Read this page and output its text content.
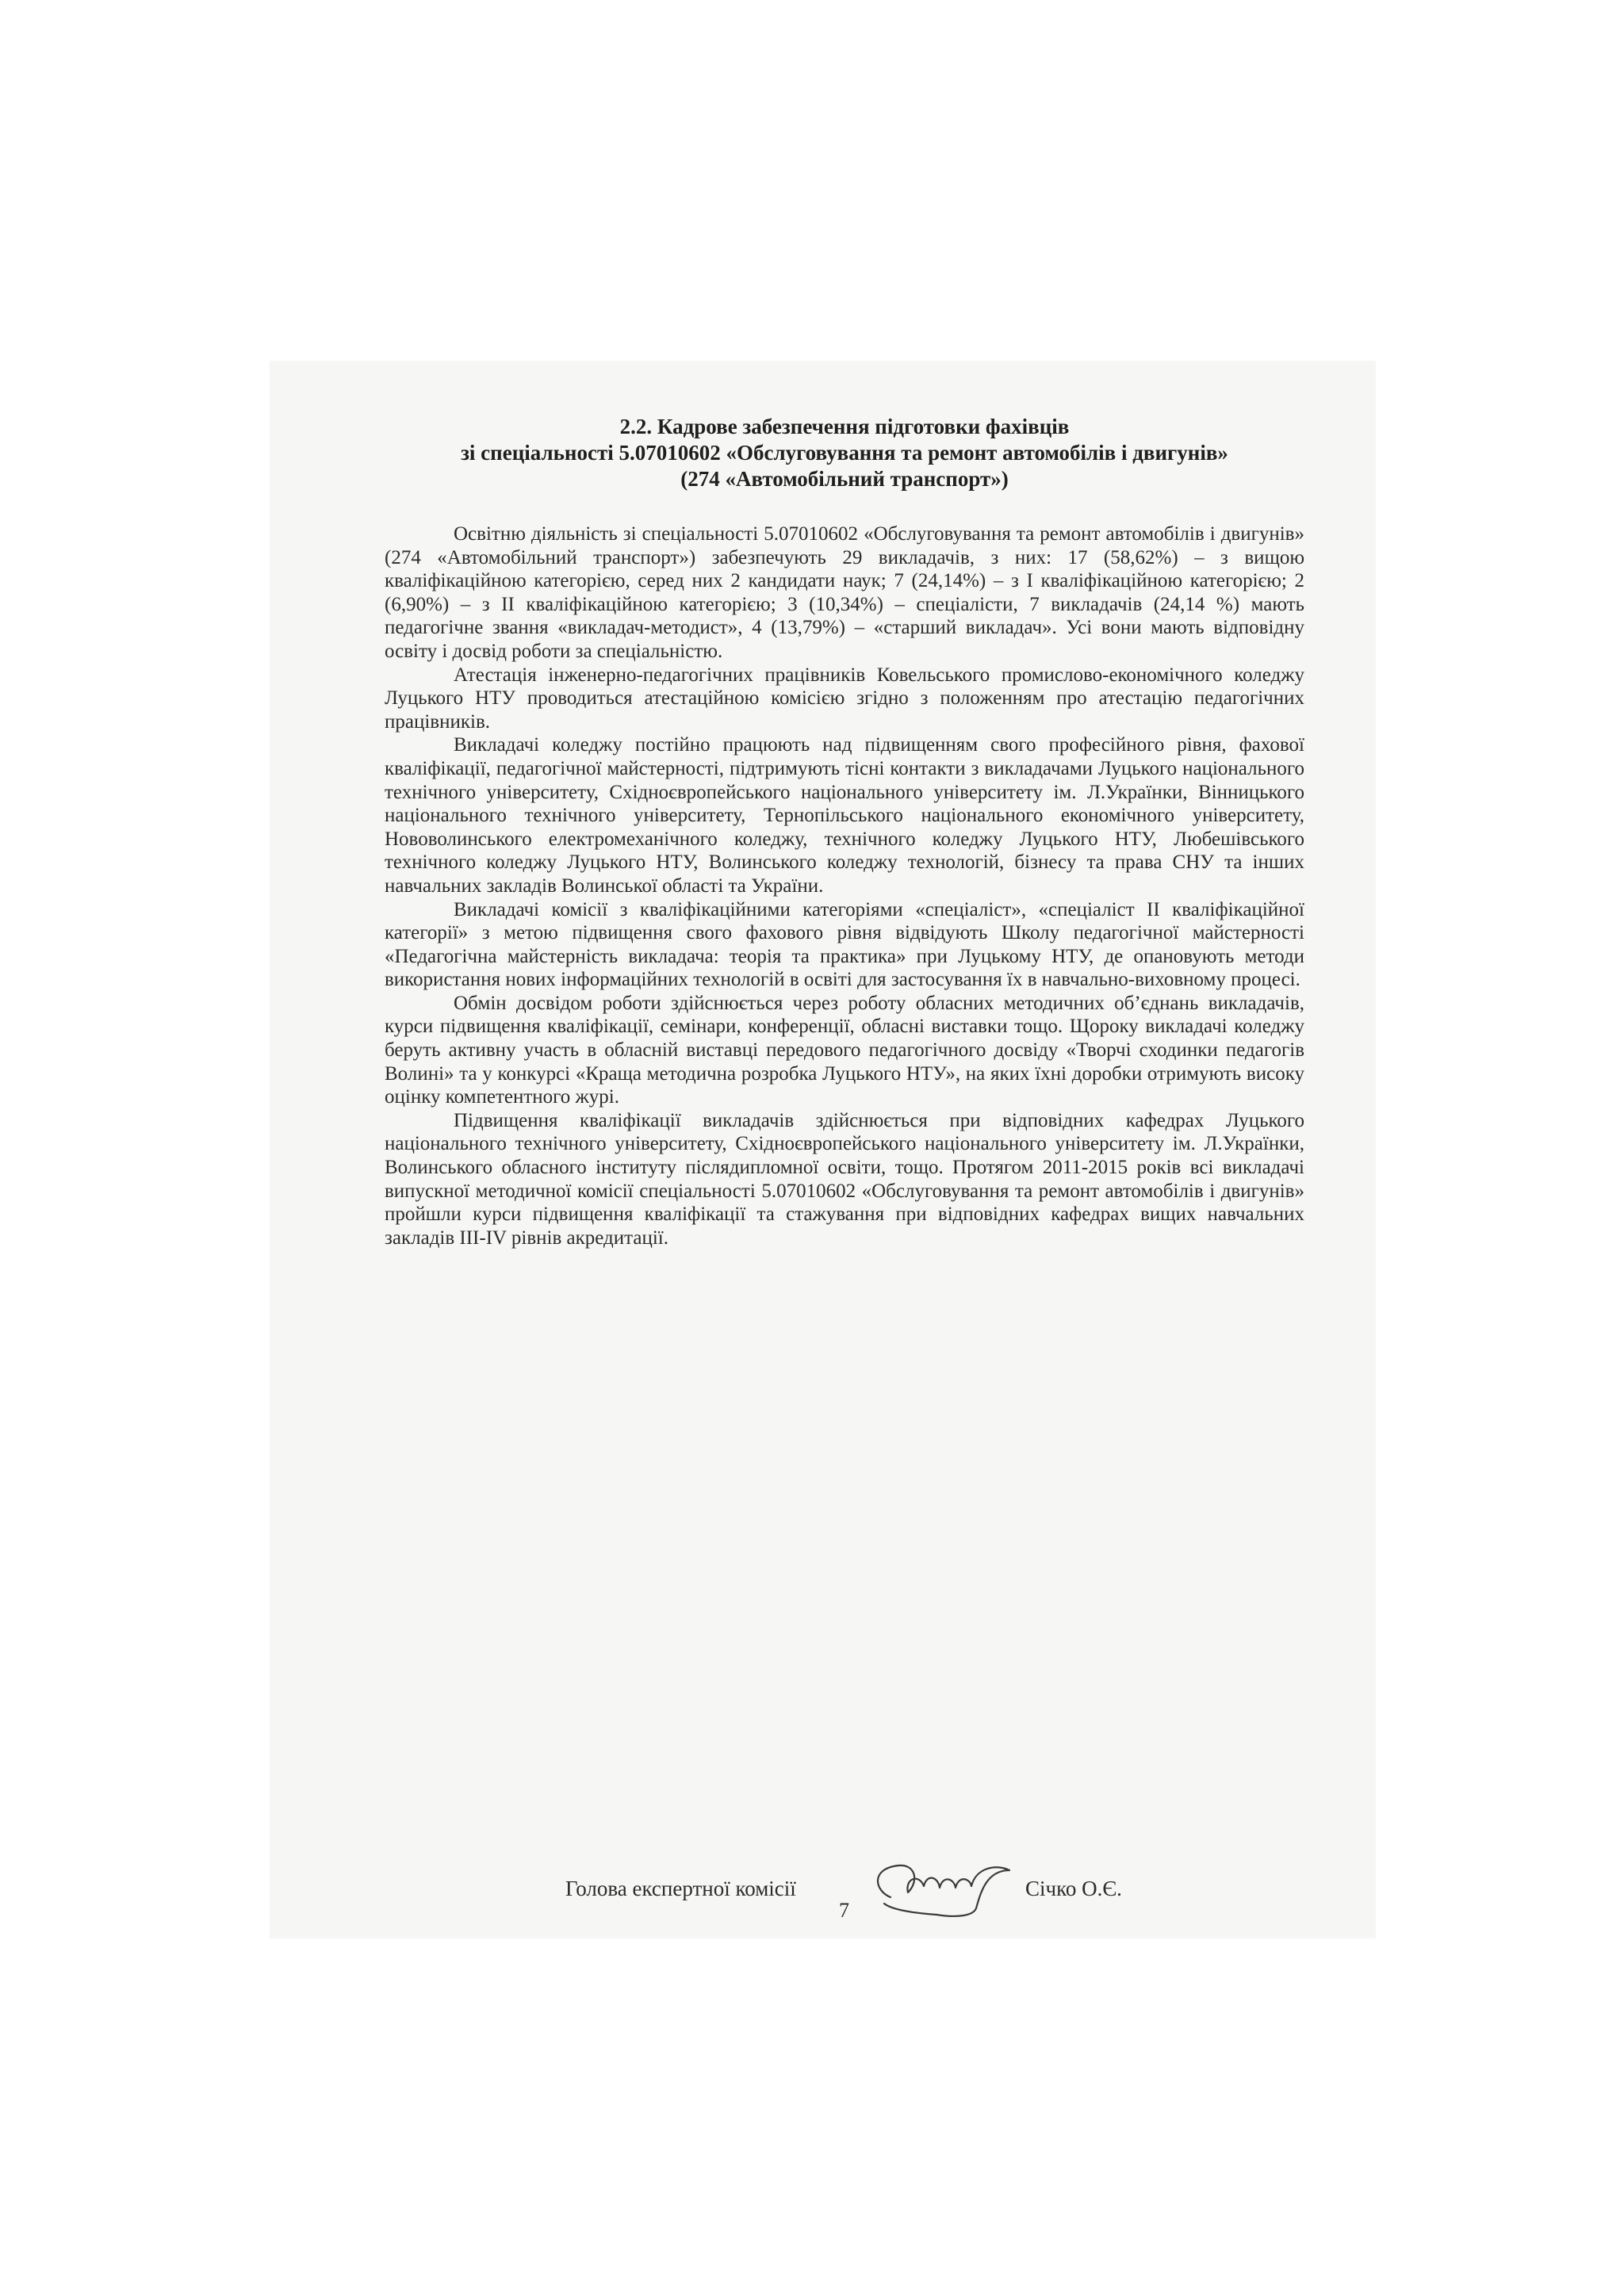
2.2. Кадрове забезпечення підготовки фахівців
зі спеціальності 5.07010602 «Обслуговування та ремонт автомобілів і двигунів»
(274 «Автомобільний транспорт»)

Освітню діяльність зі спеціальності 5.07010602 «Обслуговування та ремонт автомобілів і двигунів» (274 «Автомобільний транспорт») забезпечують 29 викладачів, з них: 17 (58,62%) – з вищою кваліфікаційною категорією, серед них 2 кандидати наук; 7 (24,14%) – з I кваліфікаційною категорією; 2 (6,90%) – з II кваліфікаційною категорією; 3 (10,34%) – спеціалісти, 7 викладачів (24,14 %) мають педагогічне звання «викладач-методист», 4 (13,79%) – «старший викладач». Усі вони мають відповідну освіту і досвід роботи за спеціальністю.

Атестація інженерно-педагогічних працівників Ковельського промислово-економічного коледжу Луцького НТУ проводиться атестаційною комісією згідно з положенням про атестацію педагогічних працівників.

Викладачі коледжу постійно працюють над підвищенням свого професійного рівня, фахової кваліфікації, педагогічної майстерності, підтримують тісні контакти з викладачами Луцького національного технічного університету, Східноєвропейського національного університету ім. Л.Українки, Вінницького національного технічного університету, Тернопільського національного економічного університету, Нововолинського електромеханічного коледжу, технічного коледжу Луцького НТУ, Любешівського технічного коледжу Луцького НТУ, Волинського коледжу технологій, бізнесу та права СНУ та інших навчальних закладів Волинської області та України.

Викладачі комісії з кваліфікаційними категоріями «спеціаліст», «спеціаліст II кваліфікаційної категорії» з метою підвищення свого фахового рівня відвідують Школу педагогічної майстерності «Педагогічна майстерність викладача: теорія та практика» при Луцькому НТУ, де опановують методи використання нових інформаційних технологій в освіті для застосування їх в навчально-виховному процесі.

Обмін досвідом роботи здійснюється через роботу обласних методичних об’єднань викладачів, курси підвищення кваліфікації, семінари, конференції, обласні виставки тощо. Щороку викладачі коледжу беруть активну участь в обласній виставці передового педагогічного досвіду «Творчі сходинки педагогів Волині» та у конкурсі «Краща методична розробка Луцького НТУ», на яких їхні доробки отримують високу оцінку компетентного журі.

Підвищення кваліфікації викладачів здійснюється при відповідних кафедрах Луцького національного технічного університету, Східноєвропейського національного університету ім. Л.Українки, Волинського обласного інституту післядипломної освіти, тощо. Протягом 2011-2015 років всі викладачі випускної методичної комісії спеціальності 5.07010602 «Обслуговування та ремонт автомобілів і двигунів» пройшли курси підвищення кваліфікації та стажування при відповідних кафедрах вищих навчальних закладів III-IV рівнів акредитації.

Голова експертної комісії	Січко О.Є.
7
